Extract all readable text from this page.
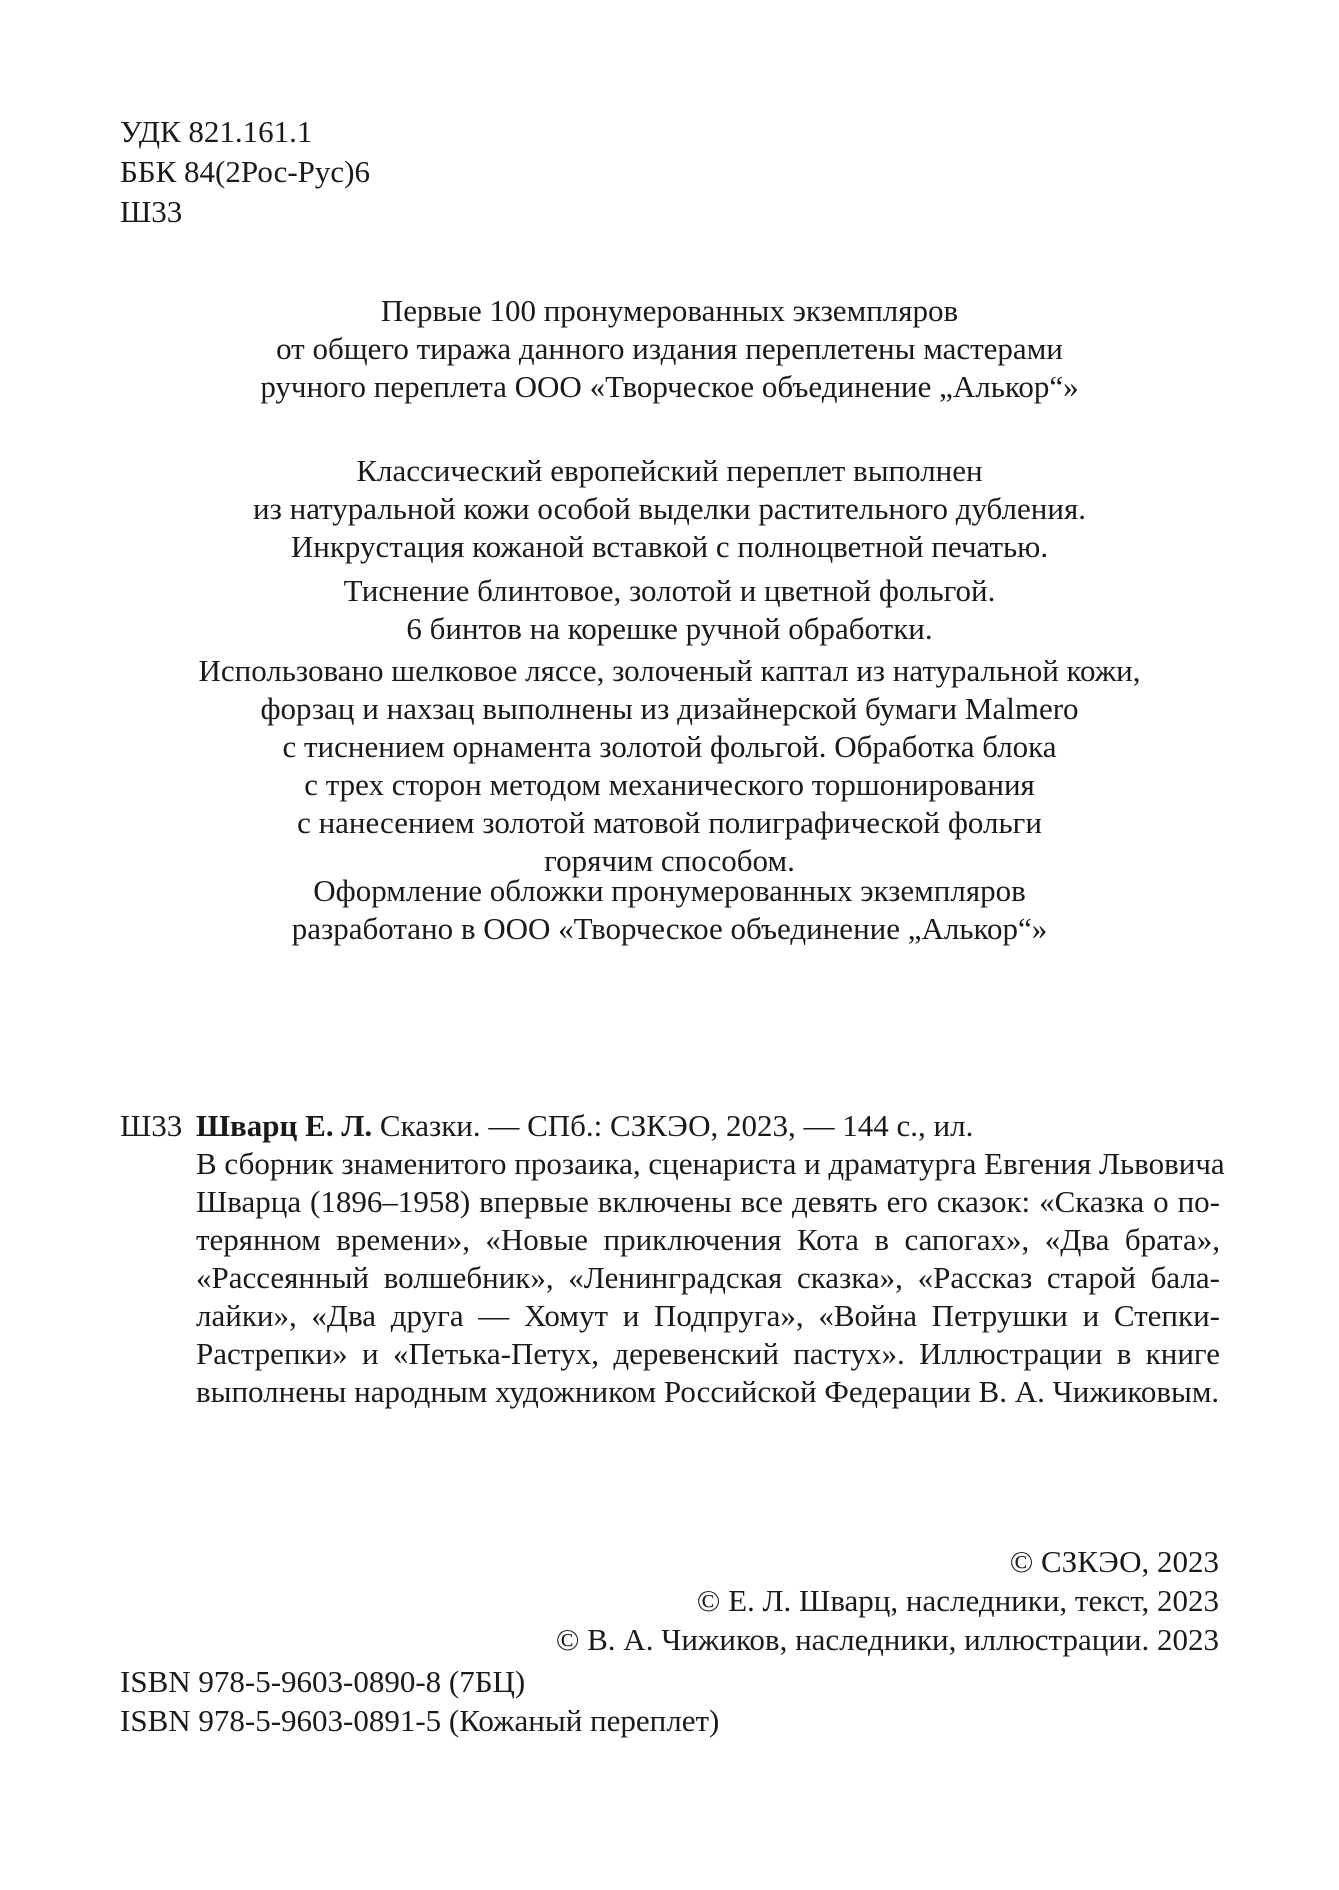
УДК 821.161.1
ББК 84(2Рос-Рус)6
Ш33
Первые 100 пронумерованных экземпляров
от общего тиража данного издания переплетены мастерами
ручного переплета ООО «Творческое объединение „Алькор“»
Классический европейский переплет выполнен
из натуральной кожи особой выделки растительного дубления.
Инкрустация кожаной вставкой с полноцветной печатью.
Тиснение блинтовое, золотой и цветной фольгой.
6 бинтов на корешке ручной обработки.
Использовано шелковое ляссе, золоченый каптал из натуральной кожи,
форзац и нахзац выполнены из дизайнерской бумаги Malmero
с тиснением орнамента золотой фольгой. Обработка блока
с трех сторон методом механического торшонирования
с нанесением золотой матовой полиграфической фольги
горячим способом.
Оформление обложки пронумерованных экземпляров
разработано в ООО «Творческое объединение „Алькор“»
Ш33 Шварц Е. Л. Сказки. — СПб.: СЗКЭО, 2023, — 144 с., ил.
В сборник знаменитого прозаика, сценариста и драматурга Евгения Львовича
Шварца (1896–1958) впервые включены все девять его сказок: «Сказка о по-
терянном времени», «Новые приключения Кота в сапогах», «Два брата»,
«Рассеянный волшебник», «Ленинградская сказка», «Рассказ старой бала-
лайки», «Два друга — Хомут и Подпруга», «Война Петрушки и Степки-
Растрепки» и «Петька-Петух, деревенский пастух». Иллюстрации в книге
выполнены народным художником Российской Федерации В. А. Чижиковым.
© СЗКЭО, 2023
© Е. Л. Шварц, наследники, текст, 2023
© В. А. Чижиков, наследники, иллюстрации. 2023
ISBN 978-5-9603-0890-8 (7БЦ)
ISBN 978-5-9603-0891-5 (Кожаный переплет)
